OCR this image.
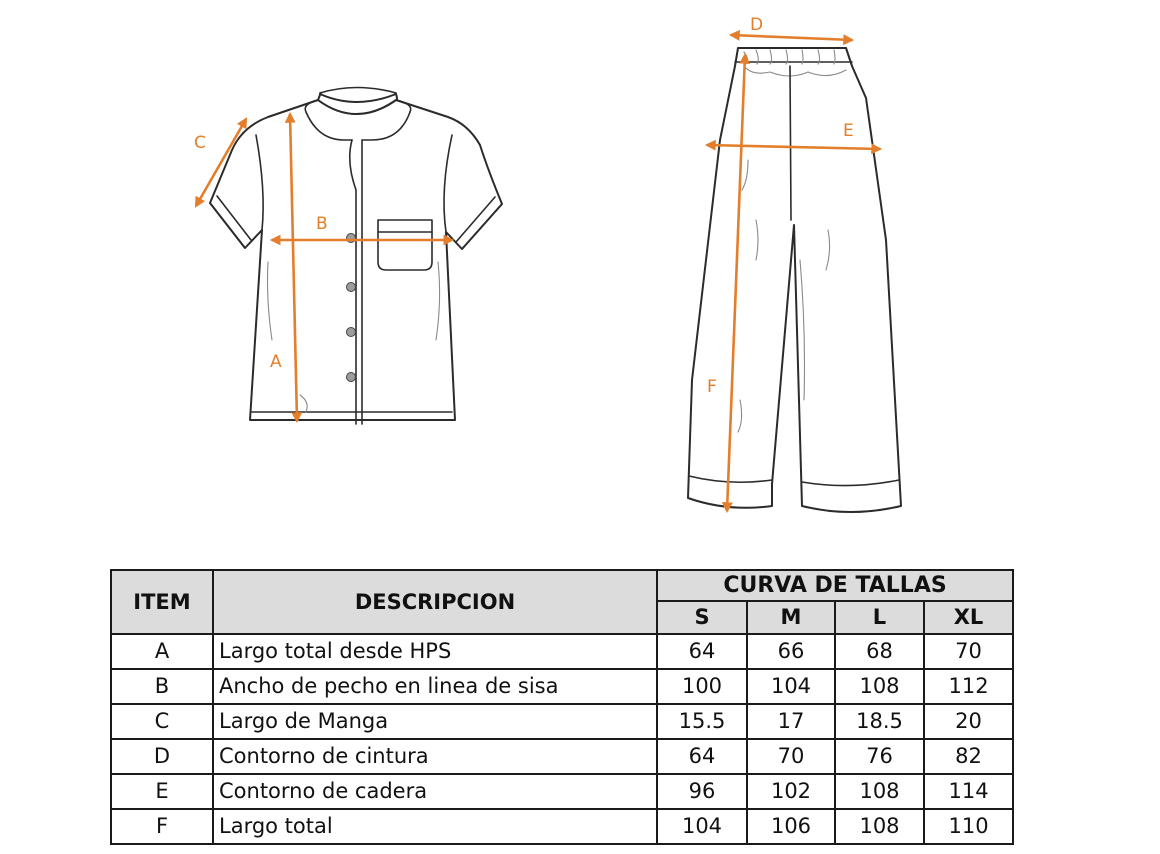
A
B
C
D
E
F
ITEM	DESCRIPCION	CURVA DE TALLAS			
		S	M	L	XL
A	Largo total desde HPS	64	66	68	70
B	Ancho de pecho en linea de sisa	100	104	108	112
C	Largo de Manga	15.5	17	18.5	20
D	Contorno de cintura	64	70	76	82
E	Contorno de cadera	96	102	108	114
F	Largo total	104	106	108	110
